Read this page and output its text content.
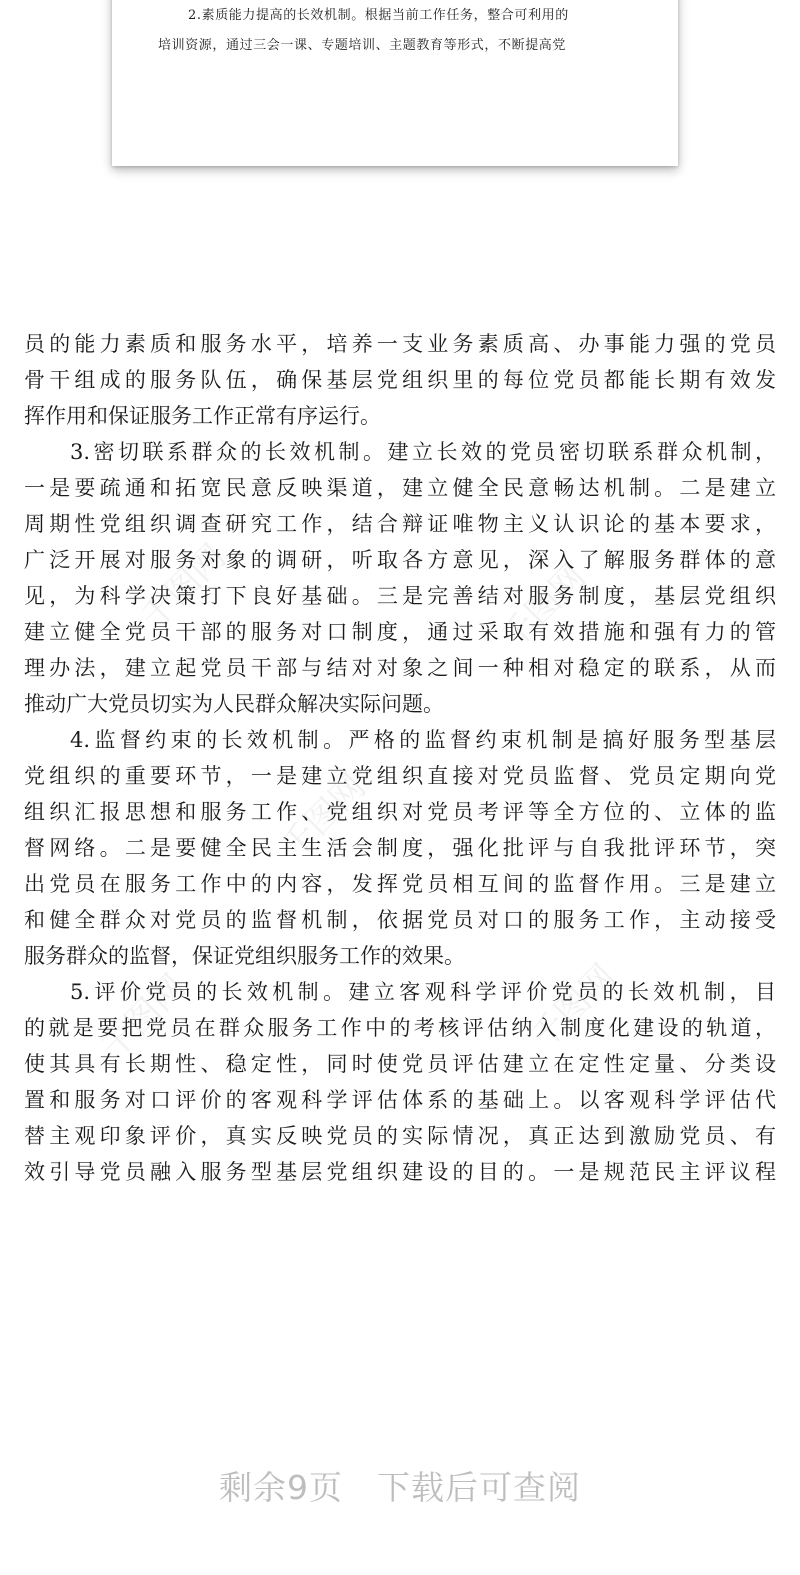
2.素质能力提高的长效机制。根据当前工作任务，整合可利用的
培训资源，通过三会一课、专题培训、主题教育等形式，不断提高党
千图网	千图网
千图网
千图网	千图网
员的能力素质和服务水平，培养一支业务素质高、办事能力强的党员
骨干组成的服务队伍，确保基层党组织里的每位党员都能长期有效发
挥作用和保证服务工作正常有序运行。
3.密切联系群众的长效机制。建立长效的党员密切联系群众机制，
一是要疏通和拓宽民意反映渠道，建立健全民意畅达机制。二是建立
周期性党组织调查研究工作，结合辩证唯物主义认识论的基本要求，
广泛开展对服务对象的调研，听取各方意见，深入了解服务群体的意
见，为科学决策打下良好基础。三是完善结对服务制度，基层党组织
建立健全党员干部的服务对口制度，通过采取有效措施和强有力的管
理办法，建立起党员干部与结对对象之间一种相对稳定的联系，从而
推动广大党员切实为人民群众解决实际问题。
4.监督约束的长效机制。严格的监督约束机制是搞好服务型基层
党组织的重要环节，一是建立党组织直接对党员监督、党员定期向党
组织汇报思想和服务工作、党组织对党员考评等全方位的、立体的监
督网络。二是要健全民主生活会制度，强化批评与自我批评环节，突
出党员在服务工作中的内容，发挥党员相互间的监督作用。三是建立
和健全群众对党员的监督机制，依据党员对口的服务工作，主动接受
服务群众的监督，保证党组织服务工作的效果。
5.评价党员的长效机制。建立客观科学评价党员的长效机制，目
的就是要把党员在群众服务工作中的考核评估纳入制度化建设的轨道，
使其具有长期性、稳定性，同时使党员评估建立在定性定量、分类设
置和服务对口评价的客观科学评估体系的基础上。以客观科学评估代
替主观印象评价，真实反映党员的实际情况，真正达到激励党员、有
效引导党员融入服务型基层党组织建设的目的。一是规范民主评议程
剩余9页 下载后可查阅
